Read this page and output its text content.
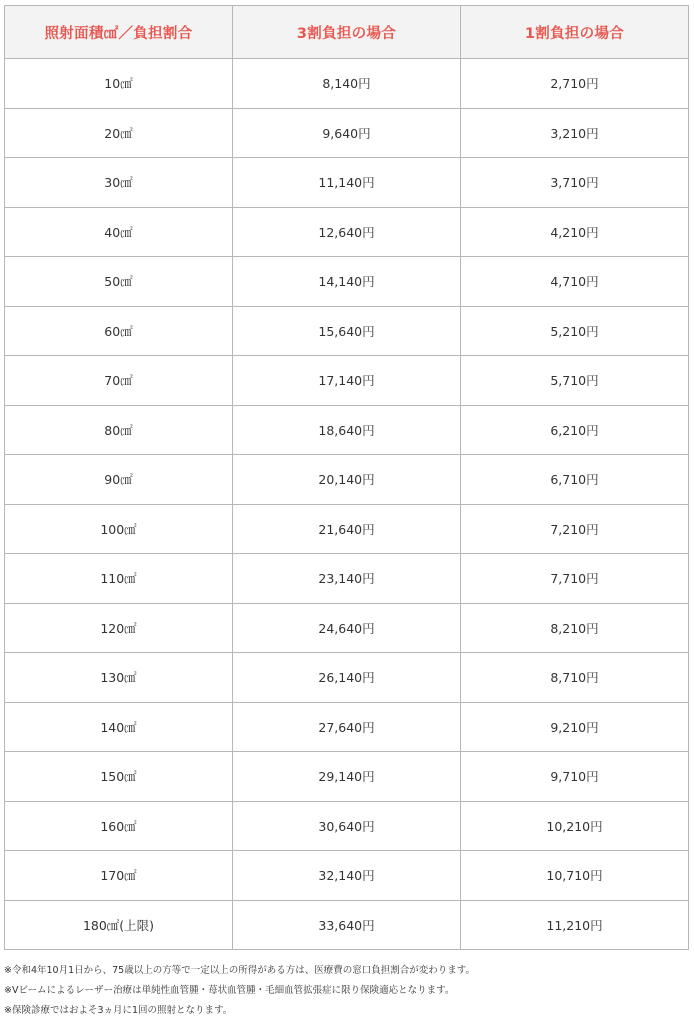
照射面積㎠／負担割合	3割負担の場合	1割負担の場合
10㎠	8,140円	2,710円
20㎠	9,640円	3,210円
30㎠	11,140円	3,710円
40㎠	12,640円	4,210円
50㎠	14,140円	4,710円
60㎠	15,640円	5,210円
70㎠	17,140円	5,710円
80㎠	18,640円	6,210円
90㎠	20,140円	6,710円
100㎠	21,640円	7,210円
110㎠	23,140円	7,710円
120㎠	24,640円	8,210円
130㎠	26,140円	8,710円
140㎠	27,640円	9,210円
150㎠	29,140円	9,710円
160㎠	30,640円	10,210円
170㎠	32,140円	10,710円
180㎠(上限)	33,640円	11,210円
※令和4年10月1日から、75歳以上の方等で一定以上の所得がある方は、医療費の窓口負担割合が変わります。
※Vビームによるレーザー治療は単純性血管腫・苺状血管腫・毛細血管拡張症に限り保険適応となります。
※保険診療ではおよそ3ヵ月に1回の照射となります。
